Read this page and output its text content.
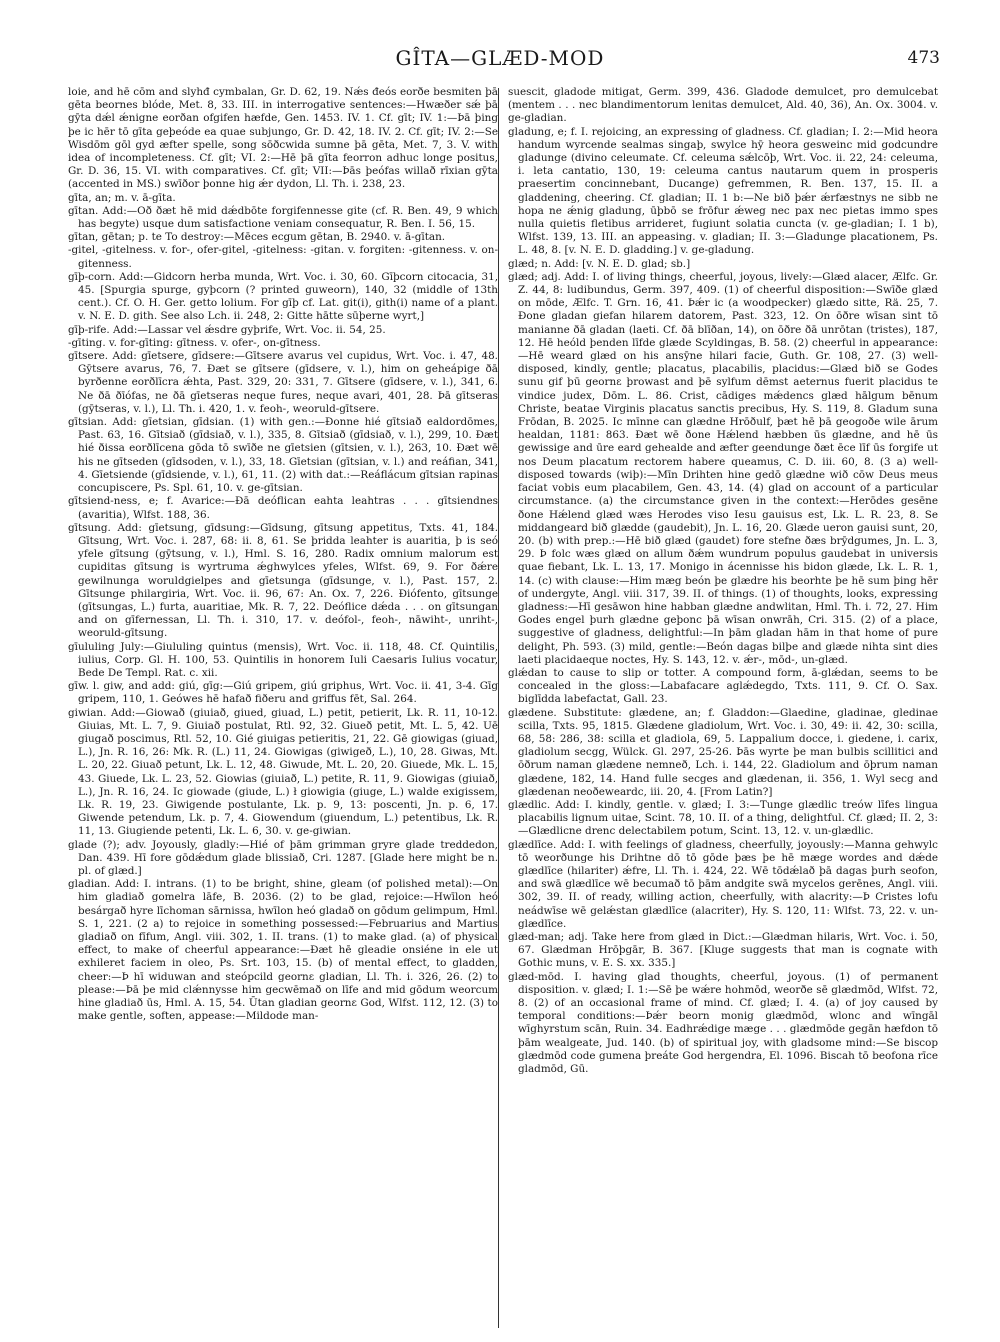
GÎTA—GLÆD-MOD	473

loie, and hē cōm and slyhđ cymbalan, Gr. D. 62, 19. Nǽs đeós eorðe besmiten þā gēta beornes blóde, Met. 8, 33. III. in interrogative sentences:—Hwæðer sǽ þā gȳta dǽl ǽnigne eorðan ofgifen hæfde, Gen. 1453. IV. 1. Cf. gīt; IV. 1:—Þā þing þe ic hēr tō gīta geþeóde ea quae subjungo, Gr. D. 42, 18. IV. 2. Cf. gīt; IV. 2:—Se Wisdōm gōl gyd æfter spelle, song sōðcwida sumne þā gēta, Met. 7, 3. V. with idea of incompleteness. Cf. gīt; VI. 2:—Hē þā gīta feorron adhuc longe positus, Gr. D. 36, 15. VI. with comparatives. Cf. gīt; VII:—Þās þeófas willað rīxian gȳta (accented in MS.) swīðor þonne hig ǽr dydon, Ll. Th. i. 238, 23.

gīta, an; m. v. ā-gīta.

gītan. Add:—Oð ðæt hē mid dǽdbōte forgifennesse gite (cf. R. Ben. 49, 9 which has begyte) usque dum satisfactione veniam consequatur, R. Ben. I. 56, 15.

gītan, gētan; p. te To destroy:—Mēces ecgum gētan, B. 2940. v. ā-gītan.

-gitel, -gitelness. v. for-, ofer-gitel, -gitelness: -gitan. v. forgiten: -gitenness. v. on-gitenness.

gīþ-corn. Add:—Gidcorn herba munda, Wrt. Voc. i. 30, 60. Gīþcorn citocacia, 31, 45. [Spurgia spurge, gyþcorn (? printed guweorn), 140, 32 (middle of 13th cent.). Cf. O. H. Ger. getto lolium. For gīþ cf. Lat. git(i), gith(i) name of a plant. v. N. E. D. gith. See also Lch. ii. 248, 2: Gitte hātte sūþerne wyrt,]

gīþ-rife. Add:—Lassar vel ǽsdre gyþrife, Wrt. Voc. ii. 54, 25.

-gīting. v. for-gīting: gītness. v. ofer-, on-gītness.

gītsere. Add: gīetsere, gīdsere:—Gītsere avarus vel cupidus, Wrt. Voc. i. 47, 48. Gȳtsere avarus, 76, 7. Ðæt se gītsere (gīdsere, v. l.), him on geheápige ðā byrðenne eorðlīcra ǽhta, Past. 329, 20: 331, 7. Gītsere (gīdsere, v. l.), 341, 6. Ne ðā ðīófas, ne ðā gīetseras neque fures, neque avari, 401, 28. Þā gītseras (gȳtseras, v. l.), Ll. Th. i. 420, 1. v. feoh-, weoruld-gītsere.

gītsian. Add: gīetsian, gīdsian. (1) with gen.:—Ðonne hié gītsiað ealdordōmes, Past. 63, 16. Gītsiað (gīdsiað, v. l.), 335, 8. Gītsiað (gīdsiað, v. l.), 299, 10. Ðæt hié ðissa eorðlīcena gōda tō swīðe ne gīetsien (gītsien, v. l.), 263, 10. Ðæt wē his ne gītseden (gīdsoden, v. l.), 33, 18. Gīetsian (gītsian, v. l.) and reáfian, 341, 4. Gīetsiende (gīdsiende, v. l.), 61, 11. (2) with dat.:—Reáflácum gītsian rapinas concupiscere, Ps. Spl. 61, 10. v. ge-gītsian.

gītsiend-ness, e; f. Avarice:—Ðā deóflican eahta leahtras . . . gītsiendnes (avaritia), Wlfst. 188, 36.

gītsung. Add: gīetsung, gīdsung:—Gīdsung, gītsung appetitus, Txts. 41, 184. Gītsung, Wrt. Voc. i. 287, 68: ii. 8, 61. Se þridda leahter is auaritia, þ is seó yfele gītsung (gȳtsung, v. l.), Hml. S. 16, 280. Radix omnium malorum est cupiditas gītsung is wyrtruma ǽghwylces yfeles, Wlfst. 69, 9. For ðǽre gewilnunga woruldgielpes and gīetsunga (gīdsunge, v. l.), Past. 157, 2. Gītsunge philargiria, Wrt. Voc. ii. 96, 67: An. Ox. 7, 226. Ðiófento, gītsunge (gītsungas, L.) furta, auaritiae, Mk. R. 7, 22. Deóflice dǽda . . . on gītsungan and on gīfernessan, Ll. Th. i. 310, 17. v. deófol-, feoh-, nāwiht-, unriht-, weoruld-gītsung.

gīululing July:—Giululing quintus (mensis), Wrt. Voc. ii. 118, 48. Cf. Quintilis, iulius, Corp. Gl. H. 100, 53. Quintilis in honorem Iuli Caesaris Iulius vocatur, Bede De Templ. Rat. c. xii.

gīw. l. giw, and add: giú, gīg:—Giú gripem, giú griphus, Wrt. Voc. ii. 41, 3-4. Gīg gripem, 110, 1. Geówes hē hafað fiðeru and griffus fēt, Sal. 264.

giwian. Add:—Giowað (giuiað, giued, giuad, L.) petit, petierit, Lk. R. 11, 10-12. Giuias, Mt. L. 7, 9. Giuiað postulat, Rtl. 92, 32. Giueð petit, Mt. L. 5, 42. Uē giugað poscimus, Rtl. 52, 10. Gié giuigas petieritis, 21, 22. Gē giowigas (giuad, L.), Jn. R. 16, 26: Mk. R. (L.) 11, 24. Giowigas (giwigeð, L.), 10, 28. Giwas, Mt. L. 20, 22. Giuað petunt, Lk. L. 12, 48. Giwude, Mt. L. 20, 20. Giuede, Mk. L. 15, 43. Giuede, Lk. L. 23, 52. Giowias (giuiað, L.) petite, R. 11, 9. Giowigas (giuiað, L.), Jn. R. 16, 24. Ic giowade (giude, L.) ł giowigia (giuge, L.) walde exigissem, Lk. R. 19, 23. Giwigende postulante, Lk. p. 9, 13: poscenti, Jn. p. 6, 17. Giwende petendum, Lk. p. 7, 4. Giowendum (giuendum, L.) petentibus, Lk. R. 11, 13. Giugiende petenti, Lk. L. 6, 30. v. ge-giwian.

glade (?); adv. Joyously, gladly:—Hié of þām grimman gryre glade treddedon, Dan. 439. Hī fore gōdǽdum glade blissiað, Cri. 1287. [Glade here might be n. pl. of glæd.]

gladian. Add: I. intrans. (1) to be bright, shine, gleam (of polished metal):—On him gladiað gomelra lāfe, B. 2036. (2) to be glad, rejoice:—Hwīlon heó besárgað hyre līchoman sārnissa, hwīlon heó gladað on gōdum gelimpum, Hml. S. 1, 221. (2 a) to rejoice in something possessed:—Februarius and Martius gladiað on fīfum, Angl. viii. 302, 1. II. trans. (1) to make glad. (a) of physical effect, to make of cheerful appearance:—Ðæt hē gleadie onsiéne in ele ut exhileret faciem in oleo, Ps. Srt. 103, 15. (b) of mental effect, to gladden, cheer:—Þ hī widuwan and steópcild geornɛ gladian, Ll. Th. i. 326, 26. (2) to please:—Þā þe mid clǽnnysse him gecwēmað on līfe and mid gōdum weorcum hine gladiað ūs, Hml. A. 15, 54. Ūtan gladian geornɛ God, Wlfst. 112, 12. (3) to make gentle, soften, appease:—Mildode man-

suescit, gladode mitigat, Germ. 399, 436. Gladode demulcet, pro demulcebat (mentem . . . nec blandimentorum lenitas demulcet, Ald. 40, 36), An. Ox. 3004. v. ge-gladian.

gladung, e; f. I. rejoicing, an expressing of gladness. Cf. gladian; I. 2:—Mid heora handum wyrcende sealmas singaþ, swylce hȳ heora gesweinc mid godcundre gladunge (divino celeumate. Cf. celeuma sǽlcōþ, Wrt. Voc. ii. 22, 24: celeuma, i. leta cantatio, 130, 19: celeuma cantus nautarum quem in prosperis praesertim concinnebant, Ducange) gefremmen, R. Ben. 137, 15. II. a gladdening, cheering. Cf. gladian; II. 1 b:—Ne bið þǽr ǽrfæstnys ne sibb ne hopa ne ǽnig gladung, ūþbō se frōfur ǽweg nec pax nec pietas immo spes nulla quietis fletibus arrideret, fugiunt solatia cuncta (v. ge-gladian; I. 1 b), Wlfst. 139, 13. III. an appeasing. v. gladian; II. 3:—Gladunge placationem, Ps. L. 48, 8. [v. N. E. D. gladding.] v. ge-gladung.

glæd; n. Add: [v. N. E. D. glad; sb.]

glæd; adj. Add: I. of living things, cheerful, joyous, lively:—Glæd alacer, Ælfc. Gr. Z. 44, 8: ludibundus, Germ. 397, 409. (1) of cheerful disposition:—Swīðe glæd on mōde, Ælfc. T. Grn. 16, 41. Þǽr ic (a woodpecker) glædo sitte, Rä. 25, 7. Ðone gladan giefan hilarem datorem, Past. 323, 12. On ōðre wīsan sint tō manianne ðā gladan (laeti. Cf. ðā blīðan, 14), on ōðre ðā unrōtan (tristes), 187, 12. Hē heóld þenden līfde glæde Scyldingas, B. 58. (2) cheerful in appearance:—Hē weard glæd on his ansȳne hilari facie, Guth. Gr. 108, 27. (3) well-disposed, kindly, gentle; placatus, placabilis, placidus:—Glæd bið se Godes sunu gif þū geornɛ þrowast and þē sylfum dēmst aeternus fuerit placidus te vindice judex, Dōm. L. 86. Crist, cādiges mǽdencs glæd hālgum bēnum Christe, beatae Virginis placatus sanctis precibus, Hy. S. 119, 8. Gladum suna Frōdan, B. 2025. Ic mīnne can glædne Hrōðulf, þæt hē þā geogoðe wile ārum healdan, 1181: 863. Ðæt wē ðone Hǽlend hæbben ūs glædne, and hē ūs gewissige and ūre eard gehealde and æfter geendunge ðæt ēce līf ūs forgife ut nos Deum placatum rectorem habere queamus, C. D. iii. 60, 8. (3 a) well-disposed towards (wiþ):—Mīn Drihten hine gedō glædne wið cōw Deus meus faciat vobis eum placabilem, Gen. 43, 14. (4) glad on account of a particular circumstance. (a) the circumstance given in the context:—Herōdes gesēne ðone Hǽlend glæd wæs Herodes viso Iesu gauisus est, Lk. L. R. 23, 8. Se middangeard bið glædde (gaudebit), Jn. L. 16, 20. Glæde ueron gauisi sunt, 20, 20. (b) with prep.:—Hē bið glæd (gaudet) fore stefne ðæs brȳdgumes, Jn. L. 3, 29. Þ folc wæs glæd on allum ðǽm wundrum populus gaudebat in universis quae fiebant, Lk. L. 13, 17. Monigo in ácennisse his bidon glæde, Lk. L. R. 1, 14. (c) with clause:—Him mæg beón þe glædre his beorhte þe hē sum þing hēr of undergyte, Angl. viii. 317, 39. II. of things. (1) of thoughts, looks, expressing gladness:—Hī gesāwon hine habban glædne andwlitan, Hml. Th. i. 72, 27. Him Godes engel þurh glædne geþonc þā wīsan onwrāh, Cri. 315. (2) of a place, suggestive of gladness, delightful:—In þām gladan hām in that home of pure delight, Ph. 593. (3) mild, gentle:—Beón dagas bilþe and glæde nihta sint dies laeti placidaeque noctes, Hy. S. 143, 12. v. ǽr-, mōd-, un-glæd.

glǽdan to cause to slip or totter. A compound form, ā-glǽdan, seems to be concealed in the gloss:—Labafacare aglǽdegdo, Txts. 111, 9. Cf. O. Sax. biglīdda labefactat, Gall. 23.

glædene. Substitute: glædene, an; f. Gladdon:—Glaedine, gladinae, gledinae scilla, Txts. 95, 1815. Glædene gladiolum, Wrt. Voc. i. 30, 49: ii. 42, 30: scilla, 68, 58: 286, 38: scilla et gladiola, 69, 5. Lappalium docce, i. giedene, i. carix, gladiolum secgg, Wülck. Gl. 297, 25-26. Þās wyrte þe man bulbis scillitici and ōðrum naman glædene nemneð, Lch. i. 144, 22. Gladiolum and ōþrum naman glædene, 182, 14. Hand fulle secges and glædenan, ii. 356, 1. Wyl secg and glædenan neoðeweardc, iii. 20, 4. [From Latin?]

glædlic. Add: I. kindly, gentle. v. glæd; I. 3:—Tunge glædlic treów līfes lingua placabilis lignum uitae, Scint. 78, 10. II. of a thing, delightful. Cf. glæd; II. 2, 3:—Glædlicne drenc delectabilem potum, Scint. 13, 12. v. un-glædlic.

glædlīce. Add: I. with feelings of gladness, cheerfully, joyously:—Manna gehwylc tō weorðunge his Drihtne dō tō gōde þæs þe hē mæge wordes and dǽde glædlīce (hilariter) ǽfre, Ll. Th. i. 424, 22. Wē tōdǽlað þā dagas þurh seofon, and swā glædlīce wē becumað tō þām andgite swā mycelos gerēnes, Angl. viii. 302, 39. II. of ready, willing action, cheerfully, with alacrity:—Þ Cristes lofu neádwīse wē gelǽstan glædlīce (alacriter), Hy. S. 120, 11: Wlfst. 73, 22. v. un-glædlīce.

glæd-man; adj. Take here from glæd in Dict.:—Glædman hilaris, Wrt. Voc. i. 50, 67. Glædman Hrōþgār, B. 367. [Kluge suggests that man is cognate with Gothic muns, v. E. S. xx. 335.]

glæd-mōd. I. having glad thoughts, cheerful, joyous. (1) of permanent disposition. v. glæd; I. 1:—Sē þe wǽre hohmōd, weorðe sē glædmōd, Wlfst. 72, 8. (2) of an occasional frame of mind. Cf. glæd; I. 4. (a) of joy caused by temporal conditions:—Þǽr beorn monig glædmōd, wlonc and wīngāl wīghyrstum scān, Ruin. 34. Eadhrǽdige mæge . . . glædmōde gegān hæfdon tō þām wealgeate, Jud. 140. (b) of spiritual joy, with gladsome mind:—Se biscop glædmōd code gumena þreáte God hergendra, El. 1096. Biscah tō beofona rīce gladmōd, Gū.
